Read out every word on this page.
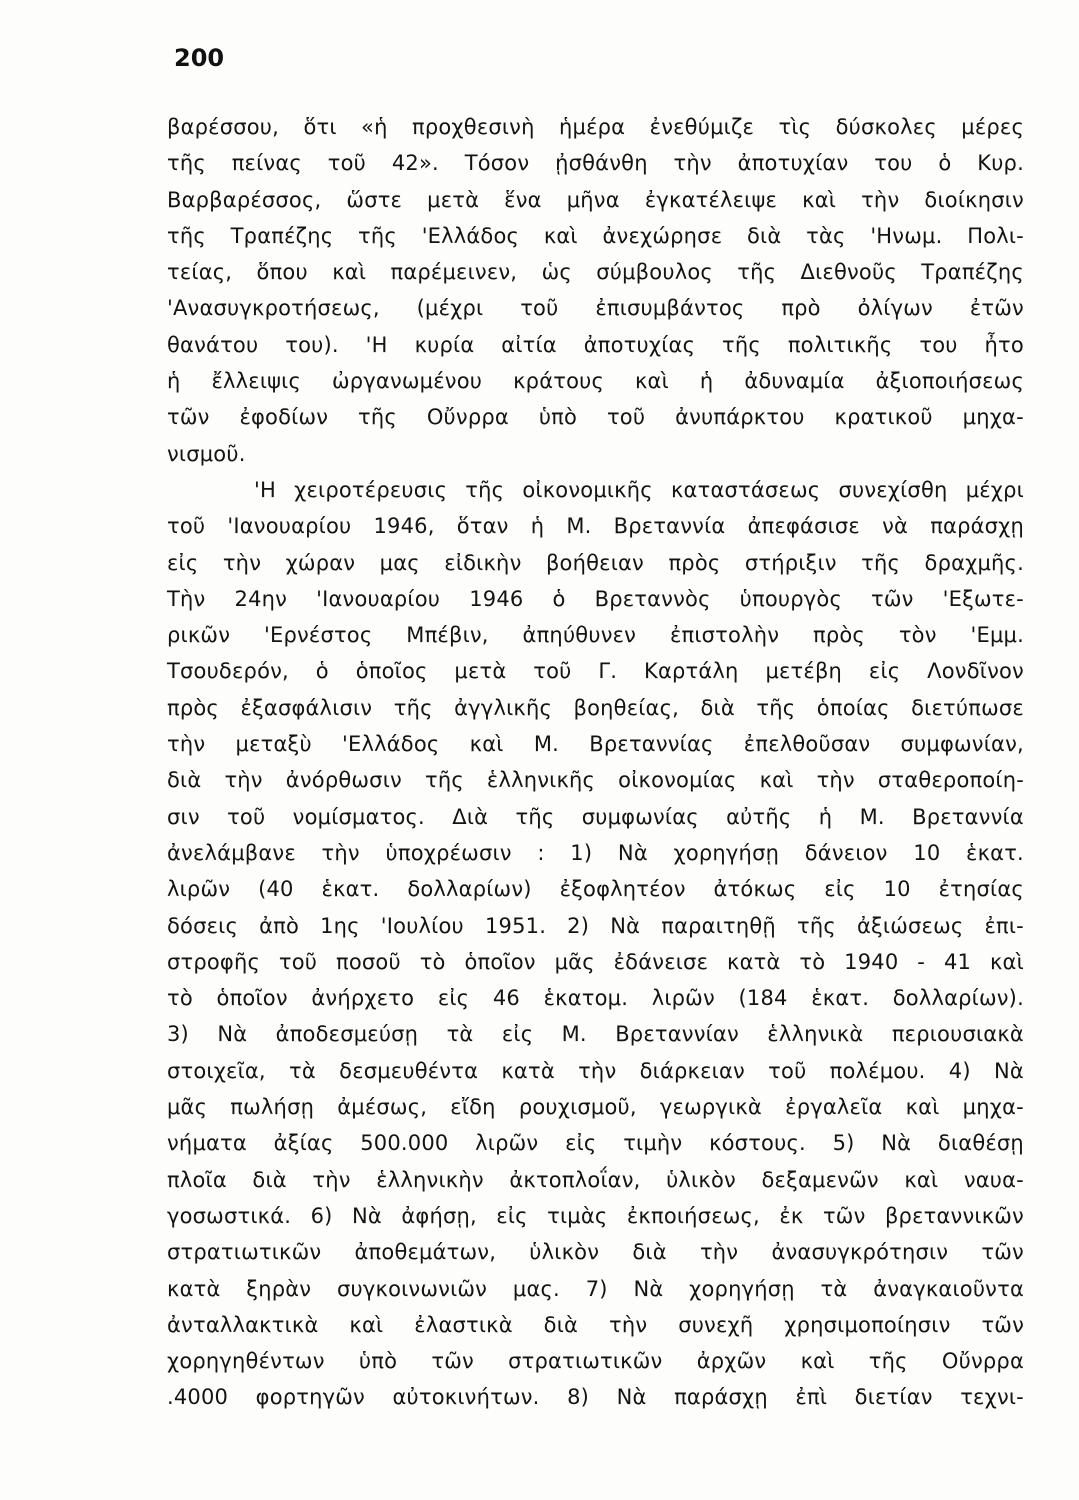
200
βαρέσσου, ὅτι «ἡ προχθεσινὴ ἡμέρα ἐνεθύμιζε τὶς δύσκολες μέρες
τῆς πείνας τοῦ 42». Τόσον ᾐσθάνθη τὴν ἀποτυχίαν του ὁ Κυρ.
Βαρβαρέσσος, ὥστε μετὰ ἕνα μῆνα ἐγκατέλειψε καὶ τὴν διοίκησιν
τῆς Τραπέζης τῆς 'Ελλάδος καὶ ἀνεχώρησε διὰ τὰς 'Ηνωμ. Πολι-
τείας, ὅπου καὶ παρέμεινεν, ὡς σύμβουλος τῆς Διεθνοῦς Τραπέζης
'Ανασυγκροτήσεως, (μέχρι τοῦ ἐπισυμβάντος πρὸ ὀλίγων ἐτῶν
θανάτου του). 'Η κυρία αἰτία ἀποτυχίας τῆς πολιτικῆς του ἦτο
ἡ ἔλλειψις ὠργανωμένου κράτους καὶ ἡ ἀδυναμία ἀξιοποιήσεως
τῶν ἐφοδίων τῆς Οὔνρρα ὑπὸ τοῦ ἀνυπάρκτου κρατικοῦ μηχα-
νισμοῦ.
'Η χειροτέρευσις τῆς οἰκονομικῆς καταστάσεως συνεχίσθη μέχρι
τοῦ 'Ιανουαρίου 1946, ὅταν ἡ Μ. Βρεταννία ἀπεφάσισε νὰ παράσχῃ
εἰς τὴν χώραν μας εἰδικὴν βοήθειαν πρὸς στήριξιν τῆς δραχμῆς.
Τὴν 24ην 'Ιανουαρίου 1946 ὁ Βρεταννὸς ὑπουργὸς τῶν 'Εξωτε-
ρικῶν 'Ερνέστος Μπέβιν, ἀπηύθυνεν ἐπιστολὴν πρὸς τὸν 'Εμμ.
Τσουδερόν, ὁ ὁποῖος μετὰ τοῦ Γ. Καρτάλη μετέβη εἰς Λονδῖνον
πρὸς ἐξασφάλισιν τῆς ἀγγλικῆς βοηθείας, διὰ τῆς ὁποίας διετύπωσε
τὴν μεταξὺ 'Ελλάδος καὶ Μ. Βρεταννίας ἐπελθοῦσαν συμφωνίαν,
διὰ τὴν ἀνόρθωσιν τῆς ἑλληνικῆς οἰκονομίας καὶ τὴν σταθεροποίη-
σιν τοῦ νομίσματος. Διὰ τῆς συμφωνίας αὐτῆς ἡ Μ. Βρεταννία
ἀνελάμβανε τὴν ὑποχρέωσιν : 1) Νὰ χορηγήσῃ δάνειον 10 ἑκατ.
λιρῶν (40 ἑκατ. δολλαρίων) ἐξοφλητέον ἀτόκως εἰς 10 ἐτησίας
δόσεις ἀπὸ 1ης 'Ιουλίου 1951. 2) Νὰ παραιτηθῇ τῆς ἀξιώσεως ἐπι-
στροφῆς τοῦ ποσοῦ τὸ ὁποῖον μᾶς ἐδάνεισε κατὰ τὸ 1940 - 41 καὶ
τὸ ὁποῖον ἀνήρχετο εἰς 46 ἑκατομ. λιρῶν (184 ἑκατ. δολλαρίων).
3) Νὰ ἀποδεσμεύσῃ τὰ εἰς Μ. Βρεταννίαν ἑλληνικὰ περιουσιακὰ
στοιχεῖα, τὰ δεσμευθέντα κατὰ τὴν διάρκειαν τοῦ πολέμου. 4) Νὰ
μᾶς πωλήσῃ ἀμέσως, εἴδη ρουχισμοῦ, γεωργικὰ ἐργαλεῖα καὶ μηχα-
νήματα ἀξίας 500.000 λιρῶν εἰς τιμὴν κόστους. 5) Νὰ διαθέσῃ
πλοῖα διὰ τὴν ἑλληνικὴν ἀκτοπλοΐαν, ὑλικὸν δεξαμενῶν καὶ ναυα-
γοσωστικά. 6) Νὰ ἀφήσῃ, εἰς τιμὰς ἐκποιήσεως, ἐκ τῶν βρεταννικῶν
στρατιωτικῶν ἀποθεμάτων, ὑλικὸν διὰ τὴν ἀνασυγκρότησιν τῶν
κατὰ ξηρὰν συγκοινωνιῶν μας. 7) Νὰ χορηγήσῃ τὰ ἀναγκαιοῦντα
ἀνταλλακτικὰ καὶ ἐλαστικὰ διὰ τὴν συνεχῆ χρησιμοποίησιν τῶν
χορηγηθέντων ὑπὸ τῶν στρατιωτικῶν ἀρχῶν καὶ τῆς Οὔνρρα
.4000 φορτηγῶν αὐτοκινήτων. 8) Νὰ παράσχῃ ἐπὶ διετίαν τεχνι-
